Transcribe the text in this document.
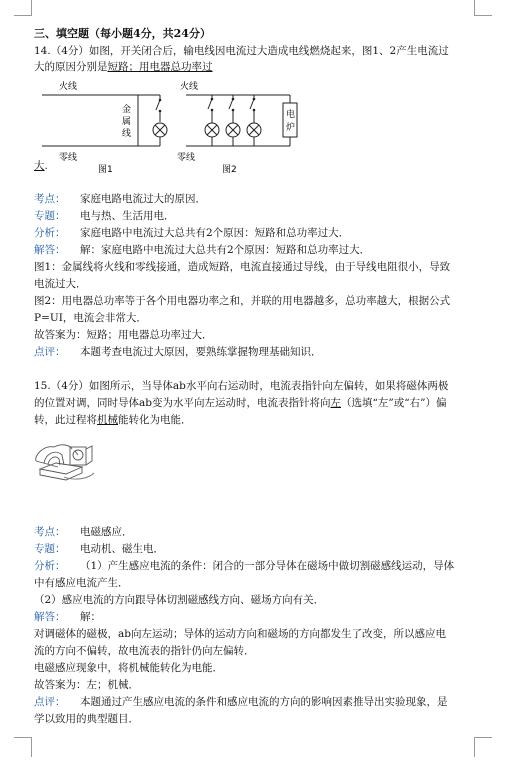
三、填空题（每小题4分，共24分）
14.（4分）如图，开关闭合后，输电线因电流过大造成电线燃烧起来，图1、2产生电流过
大的原因分别是短路；用电器总功率过
火线
金
属
线
零线
图1
火线
电
炉
零线
图2
大.
考点： 家庭电路电流过大的原因．
专题： 电与热、生活用电．
分析： 家庭电路中电流过大总共有2个原因：短路和总功率过大．
解答： 解：家庭电路中电流过大总共有2个原因：短路和总功率过大．
图1：金属线将火线和零线接通，造成短路，电流直接通过导线，由于导线电阻很小，导致
电流过大．
图2：用电器总功率等于各个用电器功率之和，并联的用电器越多，总功率越大，根据公式
P=UI，电流会非常大．
故答案为：短路；用电器总功率过大．
点评： 本题考查电流过大原因，要熟练掌握物理基础知识．
15.（4分）如图所示，当导体ab水平向右运动时，电流表指针向左偏转，如果将磁体两极
的位置对调，同时导体ab变为水平向左运动时，电流表指针将向左（选填“左”或“右”）偏
转，此过程将机械能转化为电能．
考点： 电磁感应．
专题： 电动机、磁生电．
分析： （1）产生感应电流的条件：闭合的一部分导体在磁场中做切割磁感线运动，导体
中有感应电流产生．
（2）感应电流的方向跟导体切割磁感线方向、磁场方向有关．
解答： 解：
对调磁体的磁极，ab向左运动；导体的运动方向和磁场的方向都发生了改变，所以感应电
流的方向不偏转，故电流表的指针仍向左偏转．
电磁感应现象中，将机械能转化为电能．
故答案为：左；机械．
点评： 本题通过产生感应电流的条件和感应电流的方向的影响因素推导出实验现象，是
学以致用的典型题目．
